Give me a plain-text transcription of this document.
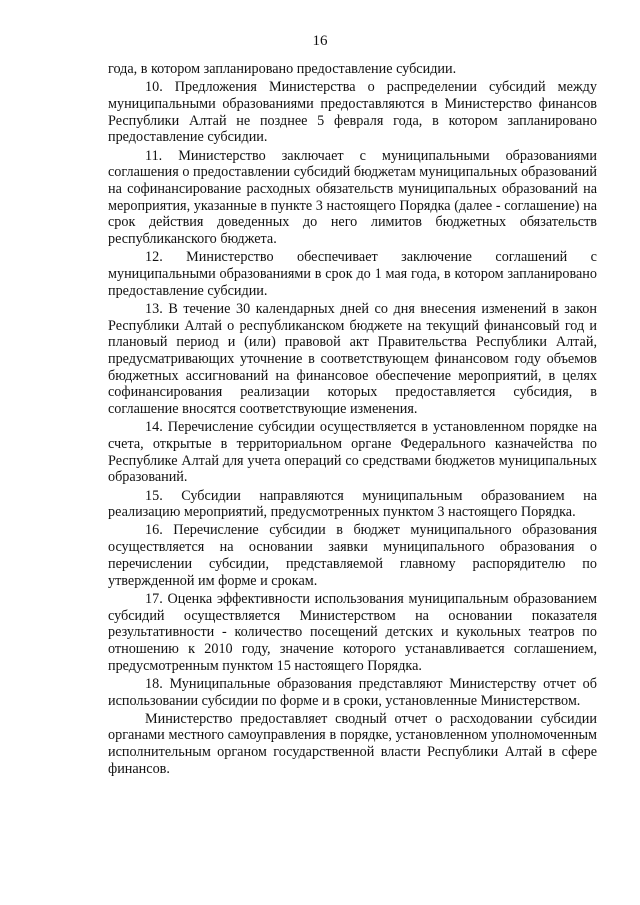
16

года, в котором запланировано предоставление субсидии.

10. Предложения Министерства о распределении субсидий между муниципальными образованиями предоставляются в Министерство финансов Республики Алтай не позднее 5 февраля года, в котором запланировано предоставление субсидии.

11. Министерство заключает с муниципальными образованиями соглашения о предоставлении субсидий бюджетам муниципальных образований на софинансирование расходных обязательств муниципальных образований на мероприятия, указанные в пункте 3 настоящего Порядка (далее - соглашение) на срок действия доведенных до него лимитов бюджетных обязательств республиканского бюджета.

12. Министерство обеспечивает заключение соглашений с муниципальными образованиями в срок до 1 мая года, в котором запланировано предоставление субсидии.

13. В течение 30 календарных дней со дня внесения изменений в закон Республики Алтай о республиканском бюджете на текущий финансовый год и плановый период и (или) правовой акт Правительства Республики Алтай, предусматривающих уточнение в соответствующем финансовом году объемов бюджетных ассигнований на финансовое обеспечение мероприятий, в целях софинансирования реализации которых предоставляется субсидия, в соглашение вносятся соответствующие изменения.

14. Перечисление субсидии осуществляется в установленном порядке на счета, открытые в территориальном органе Федерального казначейства по Республике Алтай для учета операций со средствами бюджетов муниципальных образований.

15. Субсидии направляются муниципальным образованием на реализацию мероприятий, предусмотренных пунктом 3 настоящего Порядка.

16. Перечисление субсидии в бюджет муниципального образования осуществляется на основании заявки муниципального образования о перечислении субсидии, представляемой главному распорядителю по утвержденной им форме и срокам.

17. Оценка эффективности использования муниципальным образованием субсидий осуществляется Министерством на основании показателя результативности - количество посещений детских и кукольных театров по отношению к 2010 году, значение которого устанавливается соглашением, предусмотренным пунктом 15 настоящего Порядка.

18. Муниципальные образования представляют Министерству отчет об использовании субсидии по форме и в сроки, установленные Министерством.

Министерство предоставляет сводный отчет о расходовании субсидии органами местного самоуправления в порядке, установленном уполномоченным исполнительным органом государственной власти Республики Алтай в сфере финансов.
